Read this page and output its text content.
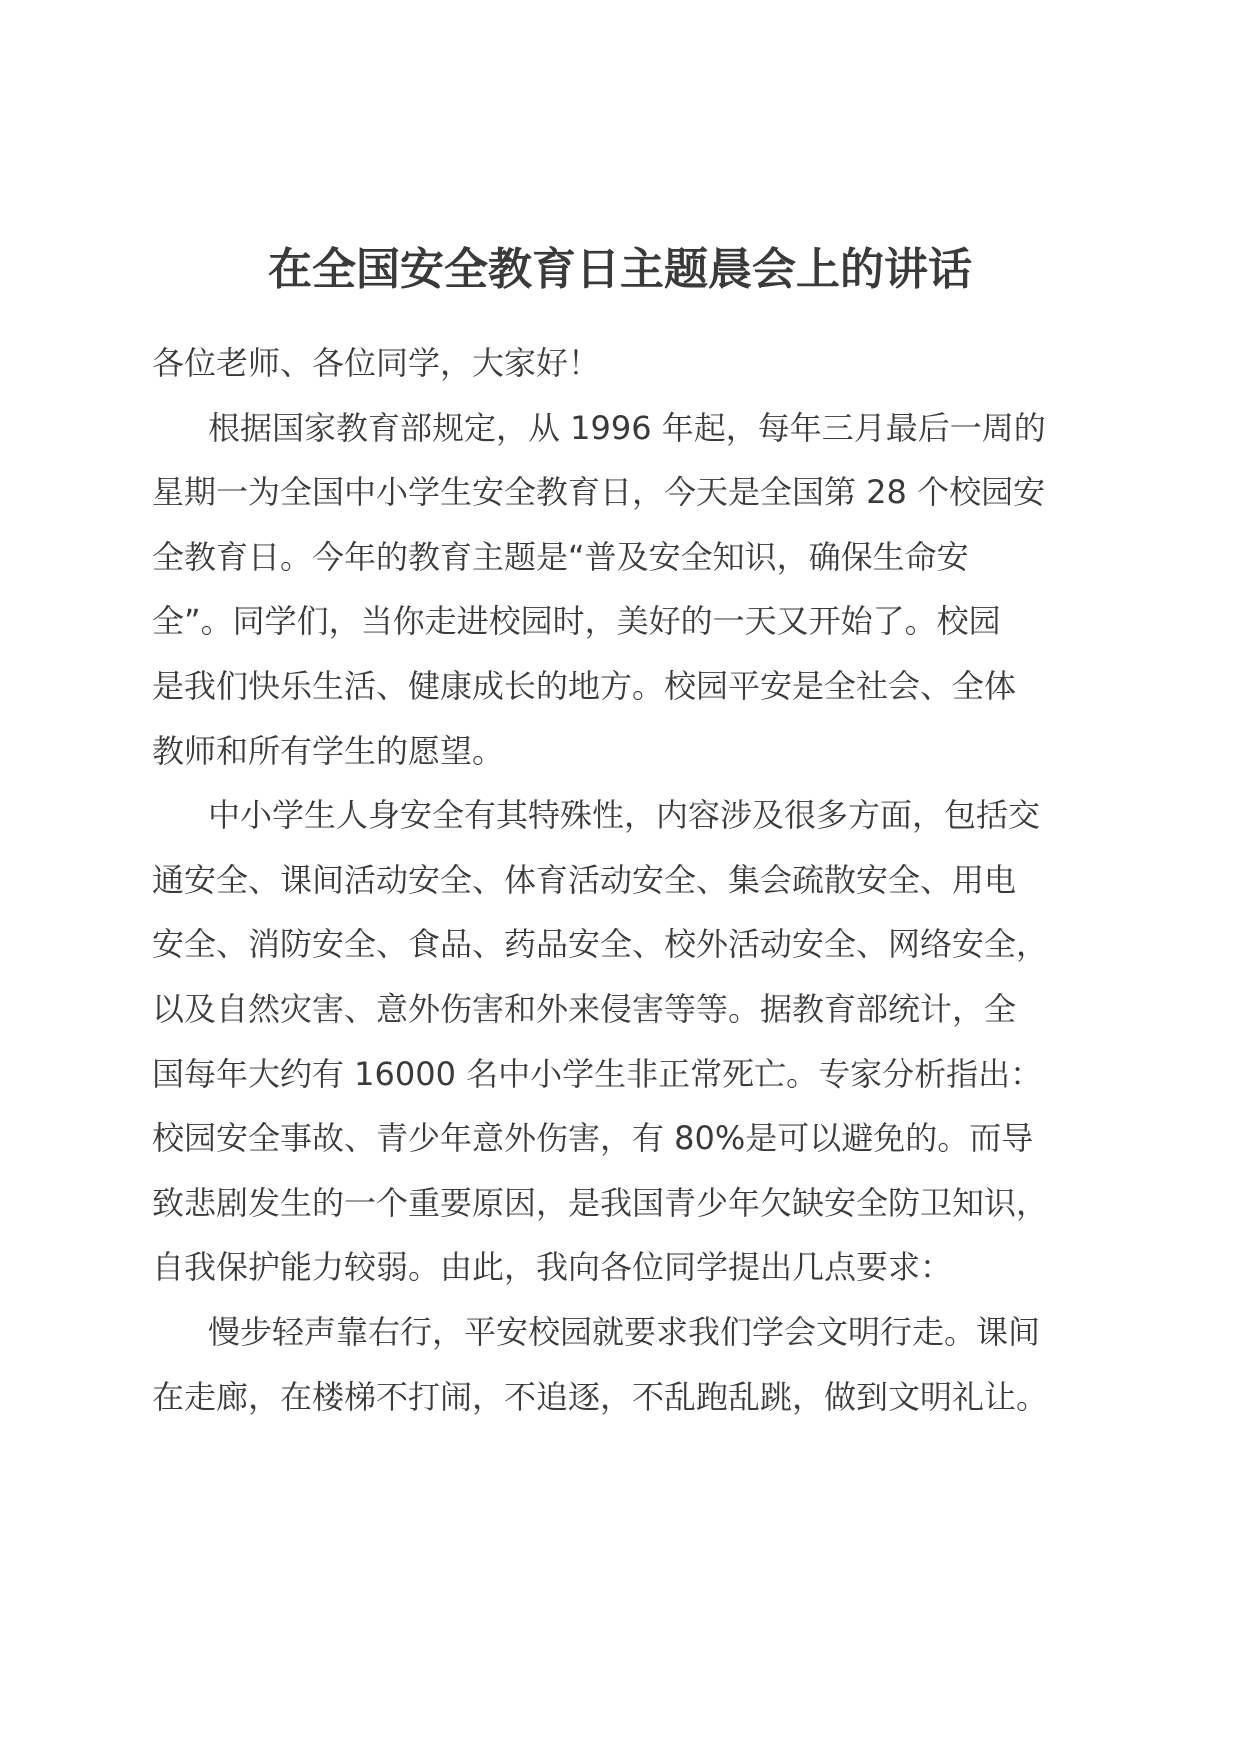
在全国安全教育日主题晨会上的讲话
各位老师、各位同学，大家好！
根据国家教育部规定，从 1996 年起，每年三月最后一周的
星期一为全国中小学生安全教育日，今天是全国第 28 个校园安
全教育日。今年的教育主题是“普及安全知识，确保生命安
全”。同学们，当你走进校园时，美好的一天又开始了。校园
是我们快乐生活、健康成长的地方。校园平安是全社会、全体
教师和所有学生的愿望。
中小学生人身安全有其特殊性，内容涉及很多方面，包括交
通安全、课间活动安全、体育活动安全、集会疏散安全、用电
安全、消防安全、食品、药品安全、校外活动安全、网络安全，
以及自然灾害、意外伤害和外来侵害等等。据教育部统计，全
国每年大约有 16000 名中小学生非正常死亡。专家分析指出：
校园安全事故、青少年意外伤害，有 80%是可以避免的。而导
致悲剧发生的一个重要原因，是我国青少年欠缺安全防卫知识，
自我保护能力较弱。由此，我向各位同学提出几点要求：
慢步轻声靠右行，平安校园就要求我们学会文明行走。课间
在走廊，在楼梯不打闹，不追逐，不乱跑乱跳，做到文明礼让。
